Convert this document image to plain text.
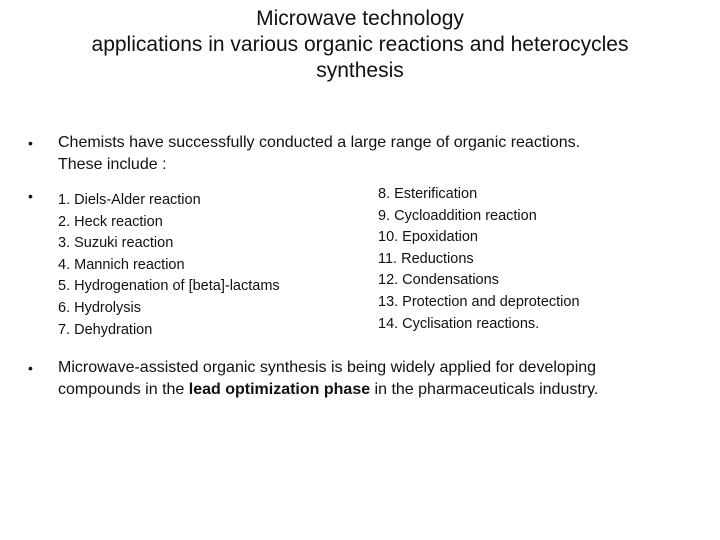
Microwave technology
applications in various organic reactions and heterocycles
synthesis
• Chemists have successfully conducted a large range of organic reactions.
These include :
• 1. Diels-Alder reaction
2. Heck reaction
3. Suzuki reaction
4. Mannich reaction
5. Hydrogenation of [beta]-lactams
6. Hydrolysis
7. Dehydration
8. Esterification
9. Cycloaddition reaction
10. Epoxidation
11. Reductions
12. Condensations
13. Protection and deprotection
14. Cyclisation reactions.
• Microwave-assisted organic synthesis is being widely applied for developing
compounds in the lead optimization phase in the pharmaceuticals industry.
